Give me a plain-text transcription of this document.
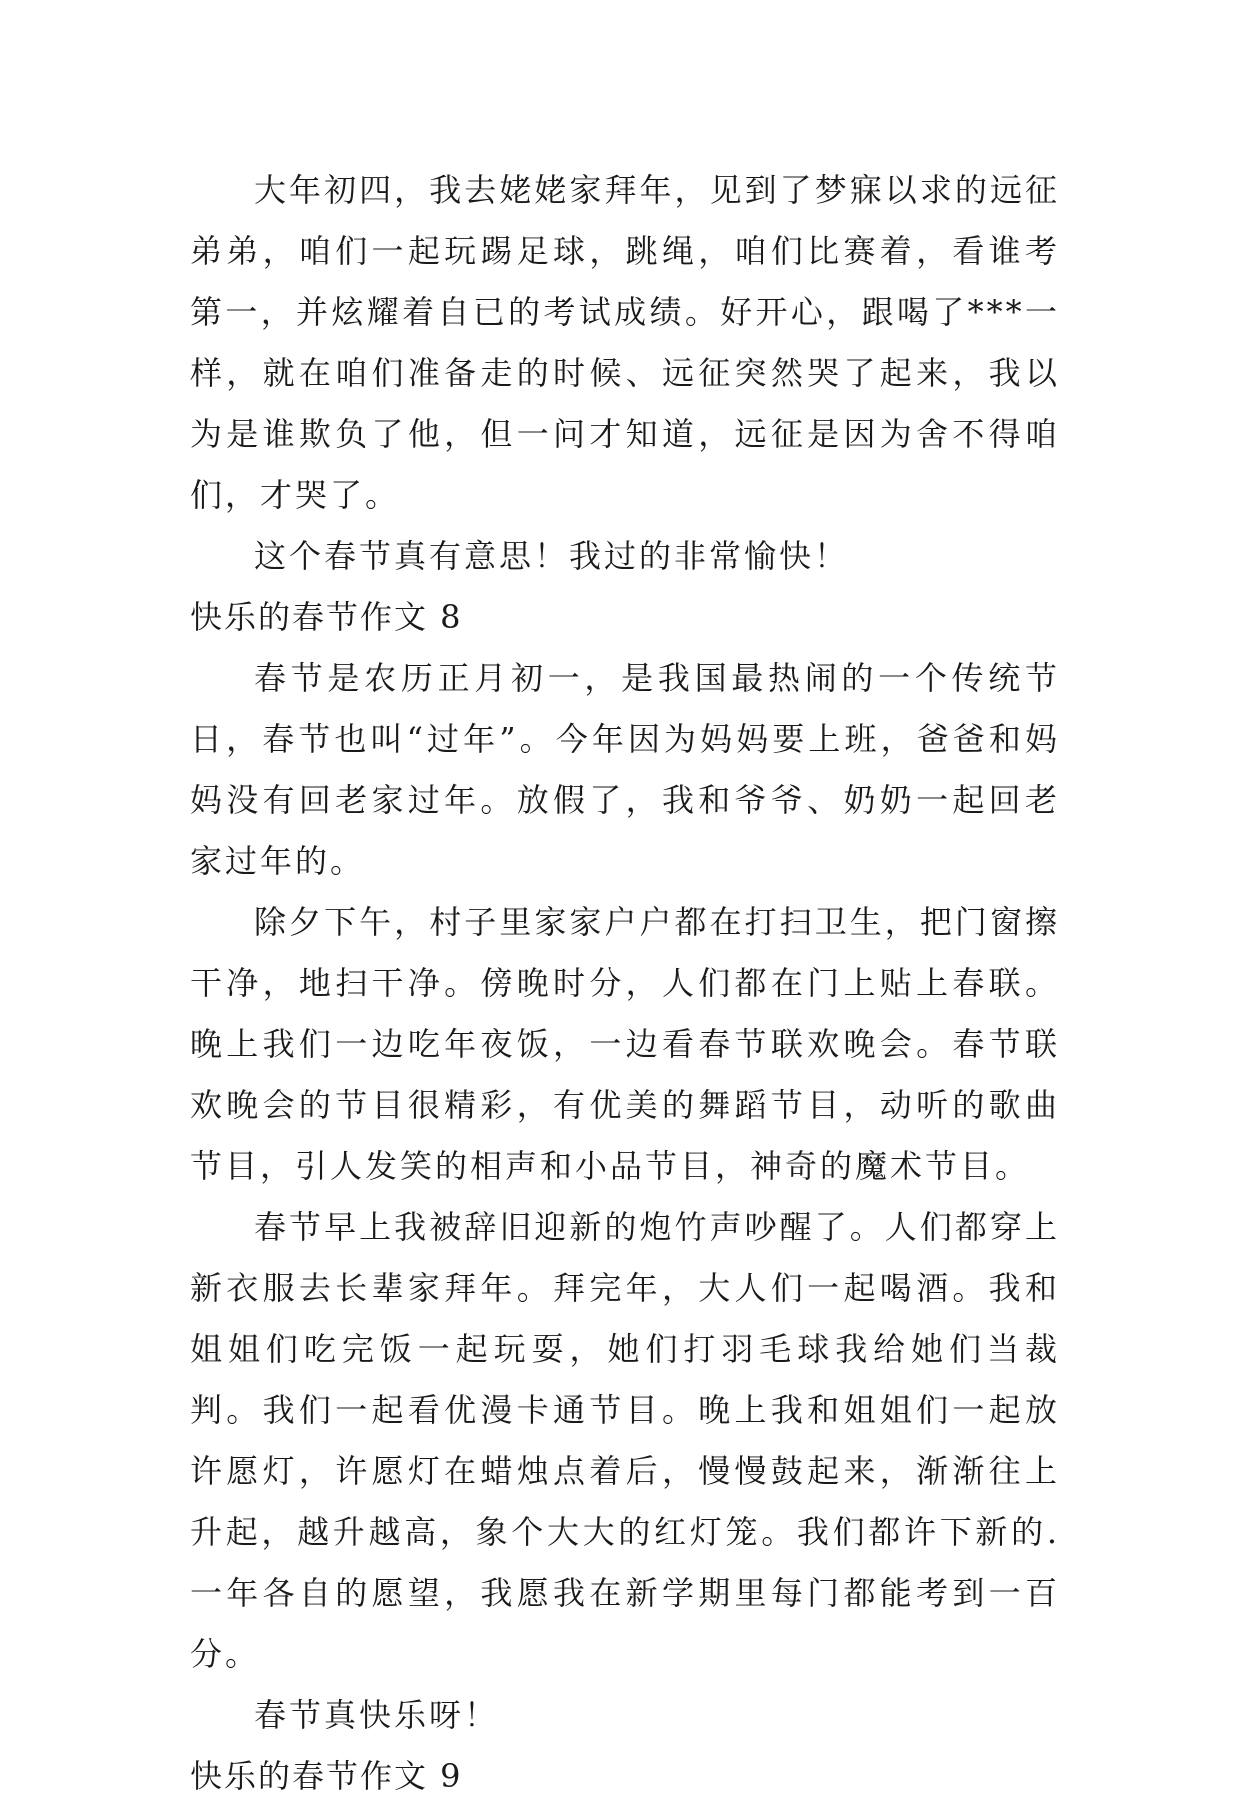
大年初四，我去姥姥家拜年，见到了梦寐以求的远征弟弟，咱们一起玩踢足球，跳绳，咱们比赛着，看谁考第一，并炫耀着自已的考试成绩。好开心，跟喝了***一样，就在咱们准备走的时候、远征突然哭了起来，我以为是谁欺负了他，但一问才知道，远征是因为舍不得咱们，才哭了。

这个春节真有意思！我过的非常愉快！

快乐的春节作文 8

春节是农历正月初一，是我国最热闹的一个传统节日，春节也叫“过年”。今年因为妈妈要上班，爸爸和妈妈没有回老家过年。放假了，我和爷爷、奶奶一起回老家过年的。

除夕下午，村子里家家户户都在打扫卫生，把门窗擦干净，地扫干净。傍晚时分，人们都在门上贴上春联。晚上我们一边吃年夜饭，一边看春节联欢晚会。春节联欢晚会的节目很精彩，有优美的舞蹈节目，动听的歌曲节目，引人发笑的相声和小品节目，神奇的魔术节目。

春节早上我被辞旧迎新的炮竹声吵醒了。人们都穿上新衣服去长辈家拜年。拜完年，大人们一起喝酒。我和姐姐们吃完饭一起玩耍，她们打羽毛球我给她们当裁判。我们一起看优漫卡通节目。晚上我和姐姐们一起放许愿灯，许愿灯在蜡烛点着后，慢慢鼓起来，渐渐往上升起，越升越高，象个大大的红灯笼。我们都许下新的.一年各自的愿望，我愿我在新学期里每门都能考到一百分。

春节真快乐呀！

快乐的春节作文 9
